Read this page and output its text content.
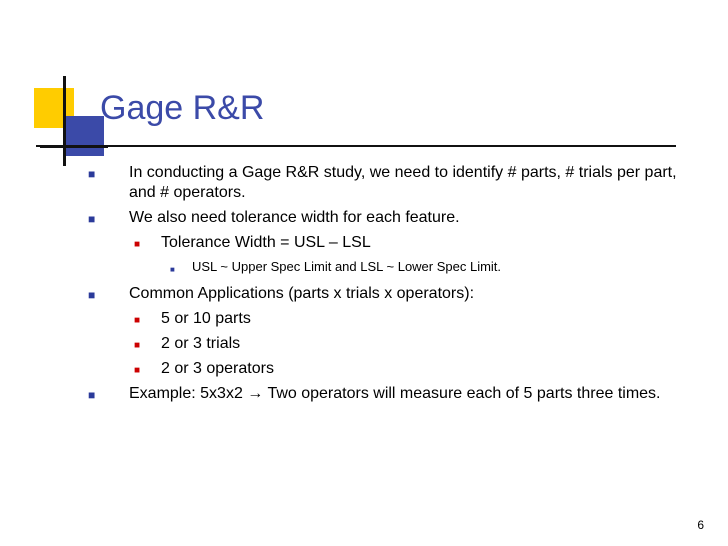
Gage R&R
■ In conducting a Gage R&R study, we need to identify # parts, # trials per part, and # operators.
■ We also need tolerance width for each feature.
■ Tolerance Width = USL – LSL
■ USL ~ Upper Spec Limit and LSL ~ Lower Spec Limit.
■ Common Applications (parts x trials x operators):
■ 5 or 10 parts
■ 2 or 3 trials
■ 2 or 3 operators
■ Example: 5x3x2 → Two operators will measure each of 5 parts three times.
6
